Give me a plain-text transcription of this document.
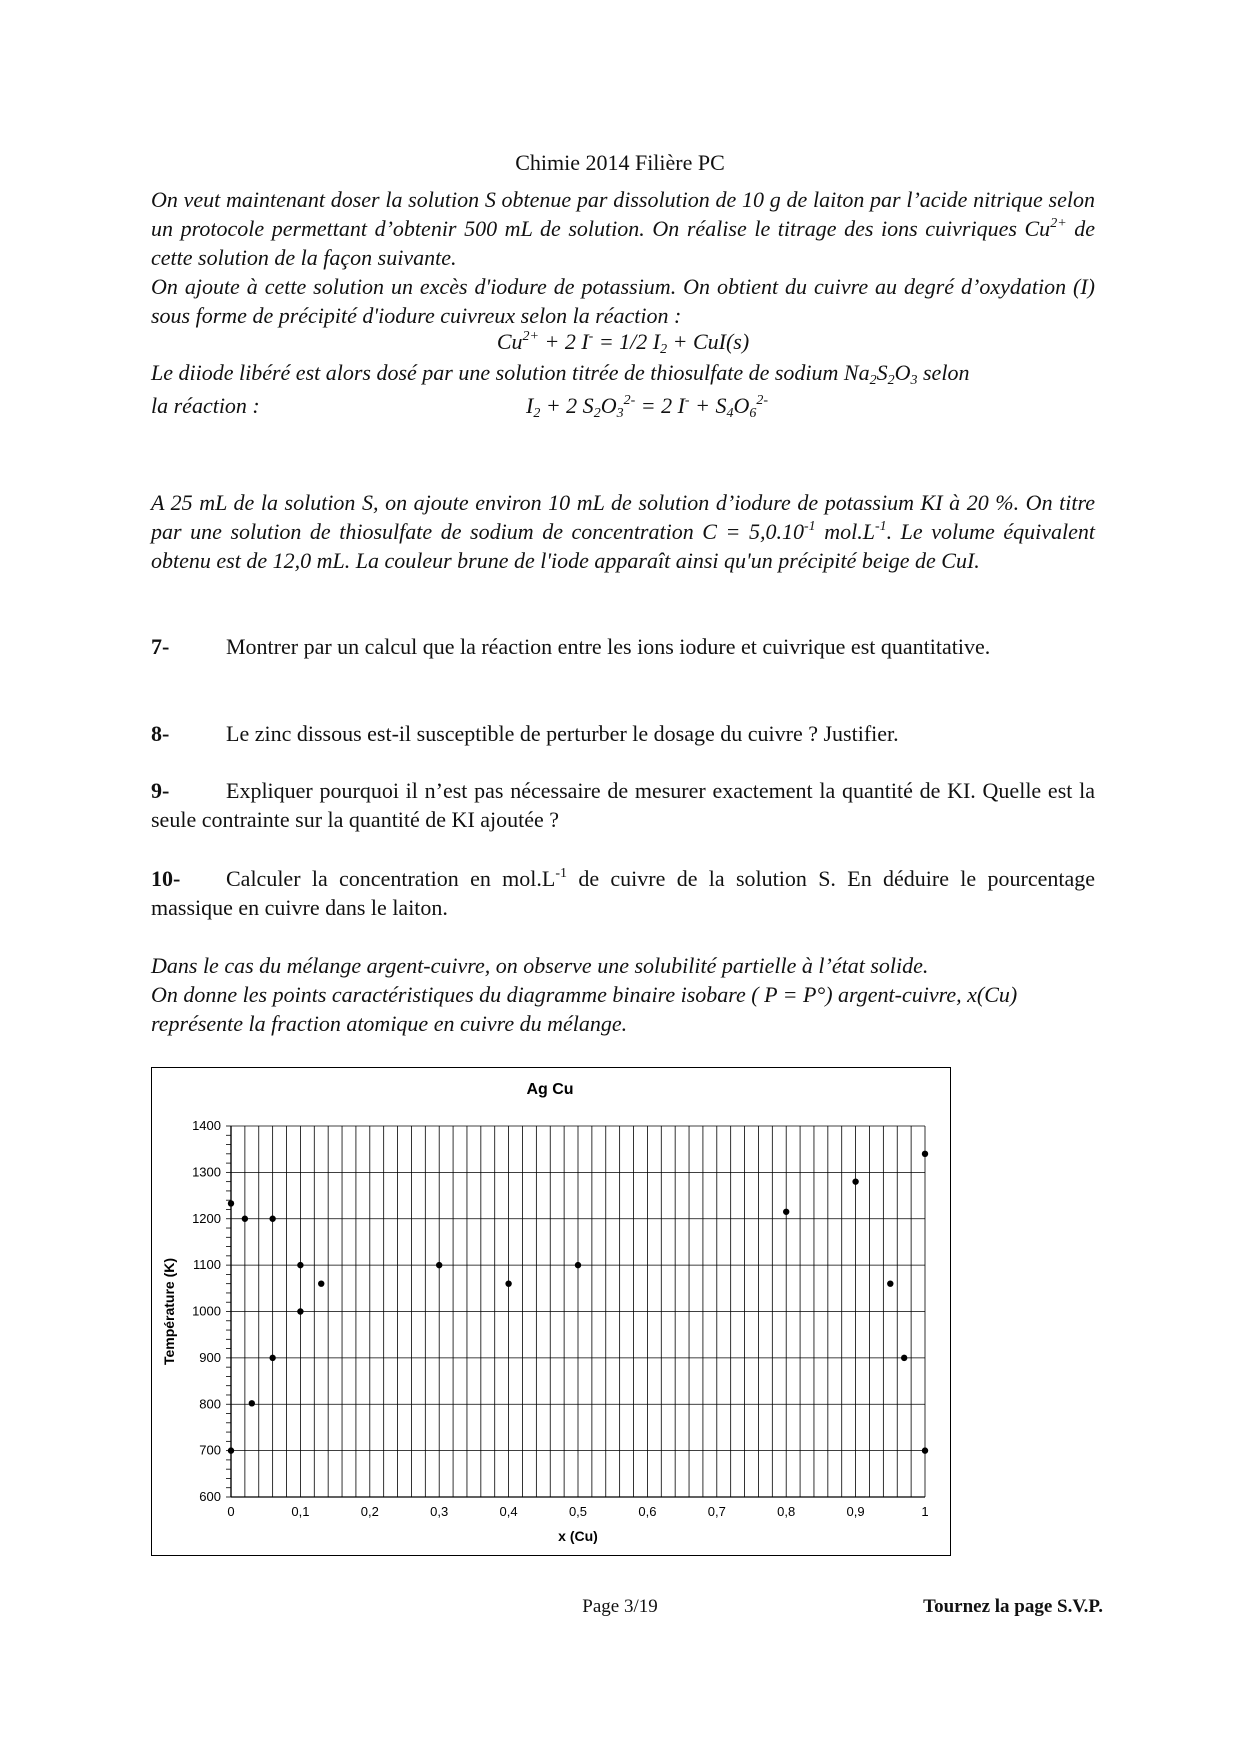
Chimie 2014 Filière PC
On veut maintenant doser la solution S obtenue par dissolution de 10 g de laiton par l’acide nitrique selon un protocole permettant d’obtenir 500 mL de solution. On réalise le titrage des ions cuivriques $Cu^{2+}$ de cette solution de la façon suivante.
On ajoute à cette solution un excès d'iodure de potassium. On obtient du cuivre au degré d’oxydation (I) sous forme de précipité d'iodure cuivreux selon la réaction :
$Cu^{2+} + 2$ I- = 1/2 $I_2 + CuI(s)$
Le diiode libéré est alors dosé par une solution titrée de thiosulfate de sodium $Na_2S_2O_3$ selon
la réaction :	$I_2 + 2$ $S_2O_3^{2-} = 2$ $I^- + S_4O_6^{2-}$
A 25 mL de la solution S, on ajoute environ 10 mL de solution d’iodure de potassium KI à 20 %. On titre par une solution de thiosulfate de sodium de concentration $C = 5,0.10^{-1}$ $mol.L^{-1}$. Le volume équivalent obtenu est de 12,0 mL. La couleur brune de l'iode apparaît ainsi qu'un précipité beige de CuI.
7-	Montrer par un calcul que la réaction entre les ions iodure et cuivrique est quantitative.
8-	Le zinc dissous est-il susceptible de perturber le dosage du cuivre ? Justifier.
9-	Expliquer pourquoi il n’est pas nécessaire de mesurer exactement la quantité de KI. Quelle est la seule contrainte sur la quantité de KI ajoutée ?
10- Calculer la concentration en $mol.L^{-1}$ de cuivre de la solution S. En déduire le pourcentage massique en cuivre dans le laiton.
Dans le cas du mélange argent-cuivre, on observe une solubilité partielle à l’état solide.
On donne les points caractéristiques du diagramme binaire isobare ( P = P°) argent-cuivre, x(Cu) représente la fraction atomique en cuivre du mélange.
600
700
800
900
1000
1100
1200
1300
1400
0	0,1	0,2	0,3	0,4	0,5	0,6	0,7	0,8	0,9	1
Ag Cu
x (Cu)
Température (K)
Page 3/19	Tournez la page S.V.P.
